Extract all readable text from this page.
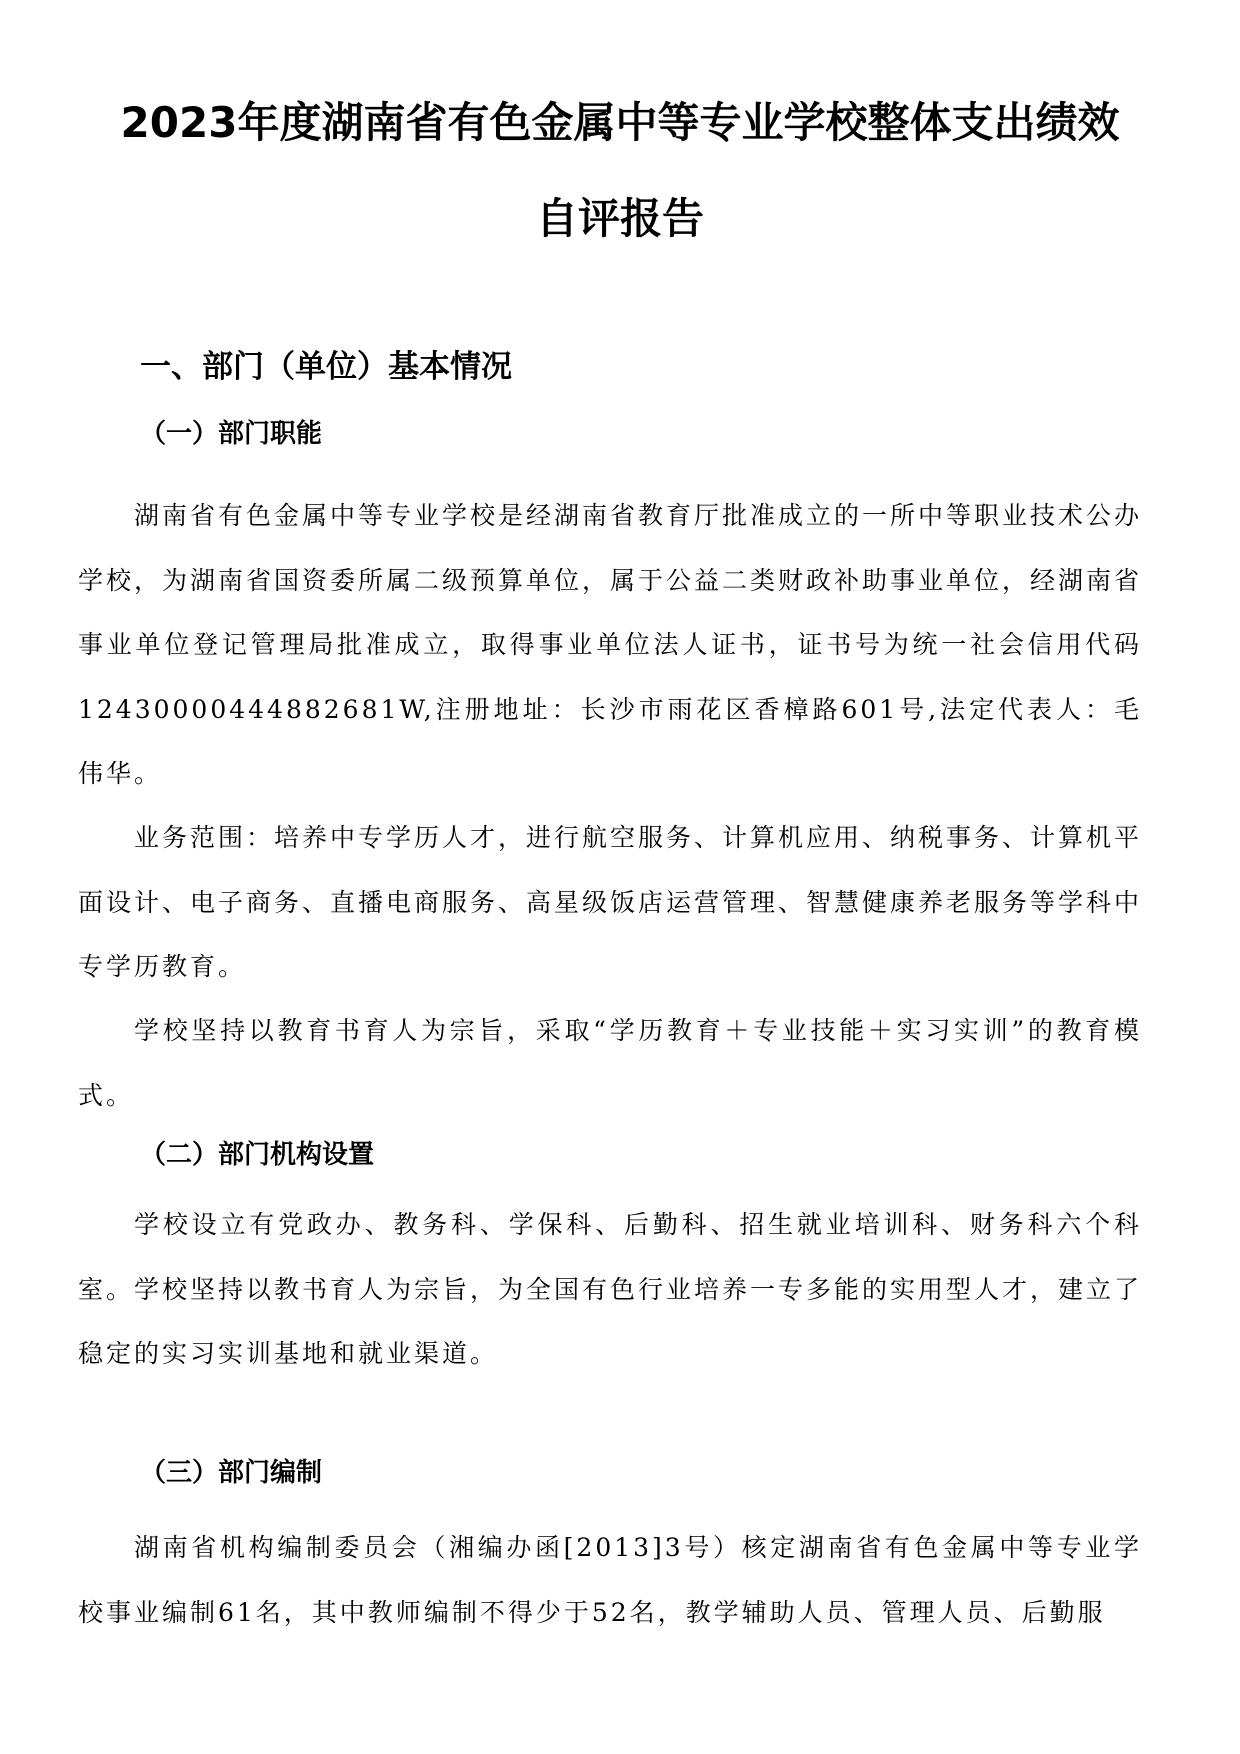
2023年度湖南省有色金属中等专业学校整体支出绩效
自评报告
一、部门（单位）基本情况
（一）部门职能

湖南省有色金属中等专业学校是经湖南省教育厅批准成立的一所中等职业技术公办学校，为湖南省国资委所属二级预算单位，属于公益二类财政补助事业单位，经湖南省事业单位登记管理局批准成立，取得事业单位法人证书，证书号为统一社会信用代码12430000444882681W,注册地址：长沙市雨花区香樟路601号,法定代表人：毛伟华。

业务范围：培养中专学历人才，进行航空服务、计算机应用、纳税事务、计算机平面设计、电子商务、直播电商服务、高星级饭店运营管理、智慧健康养老服务等学科中专学历教育。

学校坚持以教育书育人为宗旨，采取“学历教育＋专业技能＋实习实训”的教育模式。

（二）部门机构设置

学校设立有党政办、教务科、学保科、后勤科、招生就业培训科、财务科六个科室。学校坚持以教书育人为宗旨，为全国有色行业培养一专多能的实用型人才，建立了稳定的实习实训基地和就业渠道。

（三）部门编制

湖南省机构编制委员会（湘编办函[2013]3号）核定湖南省有色金属中等专业学校事业编制61名，其中教师编制不得少于52名，教学辅助人员、管理人员、后勤服
